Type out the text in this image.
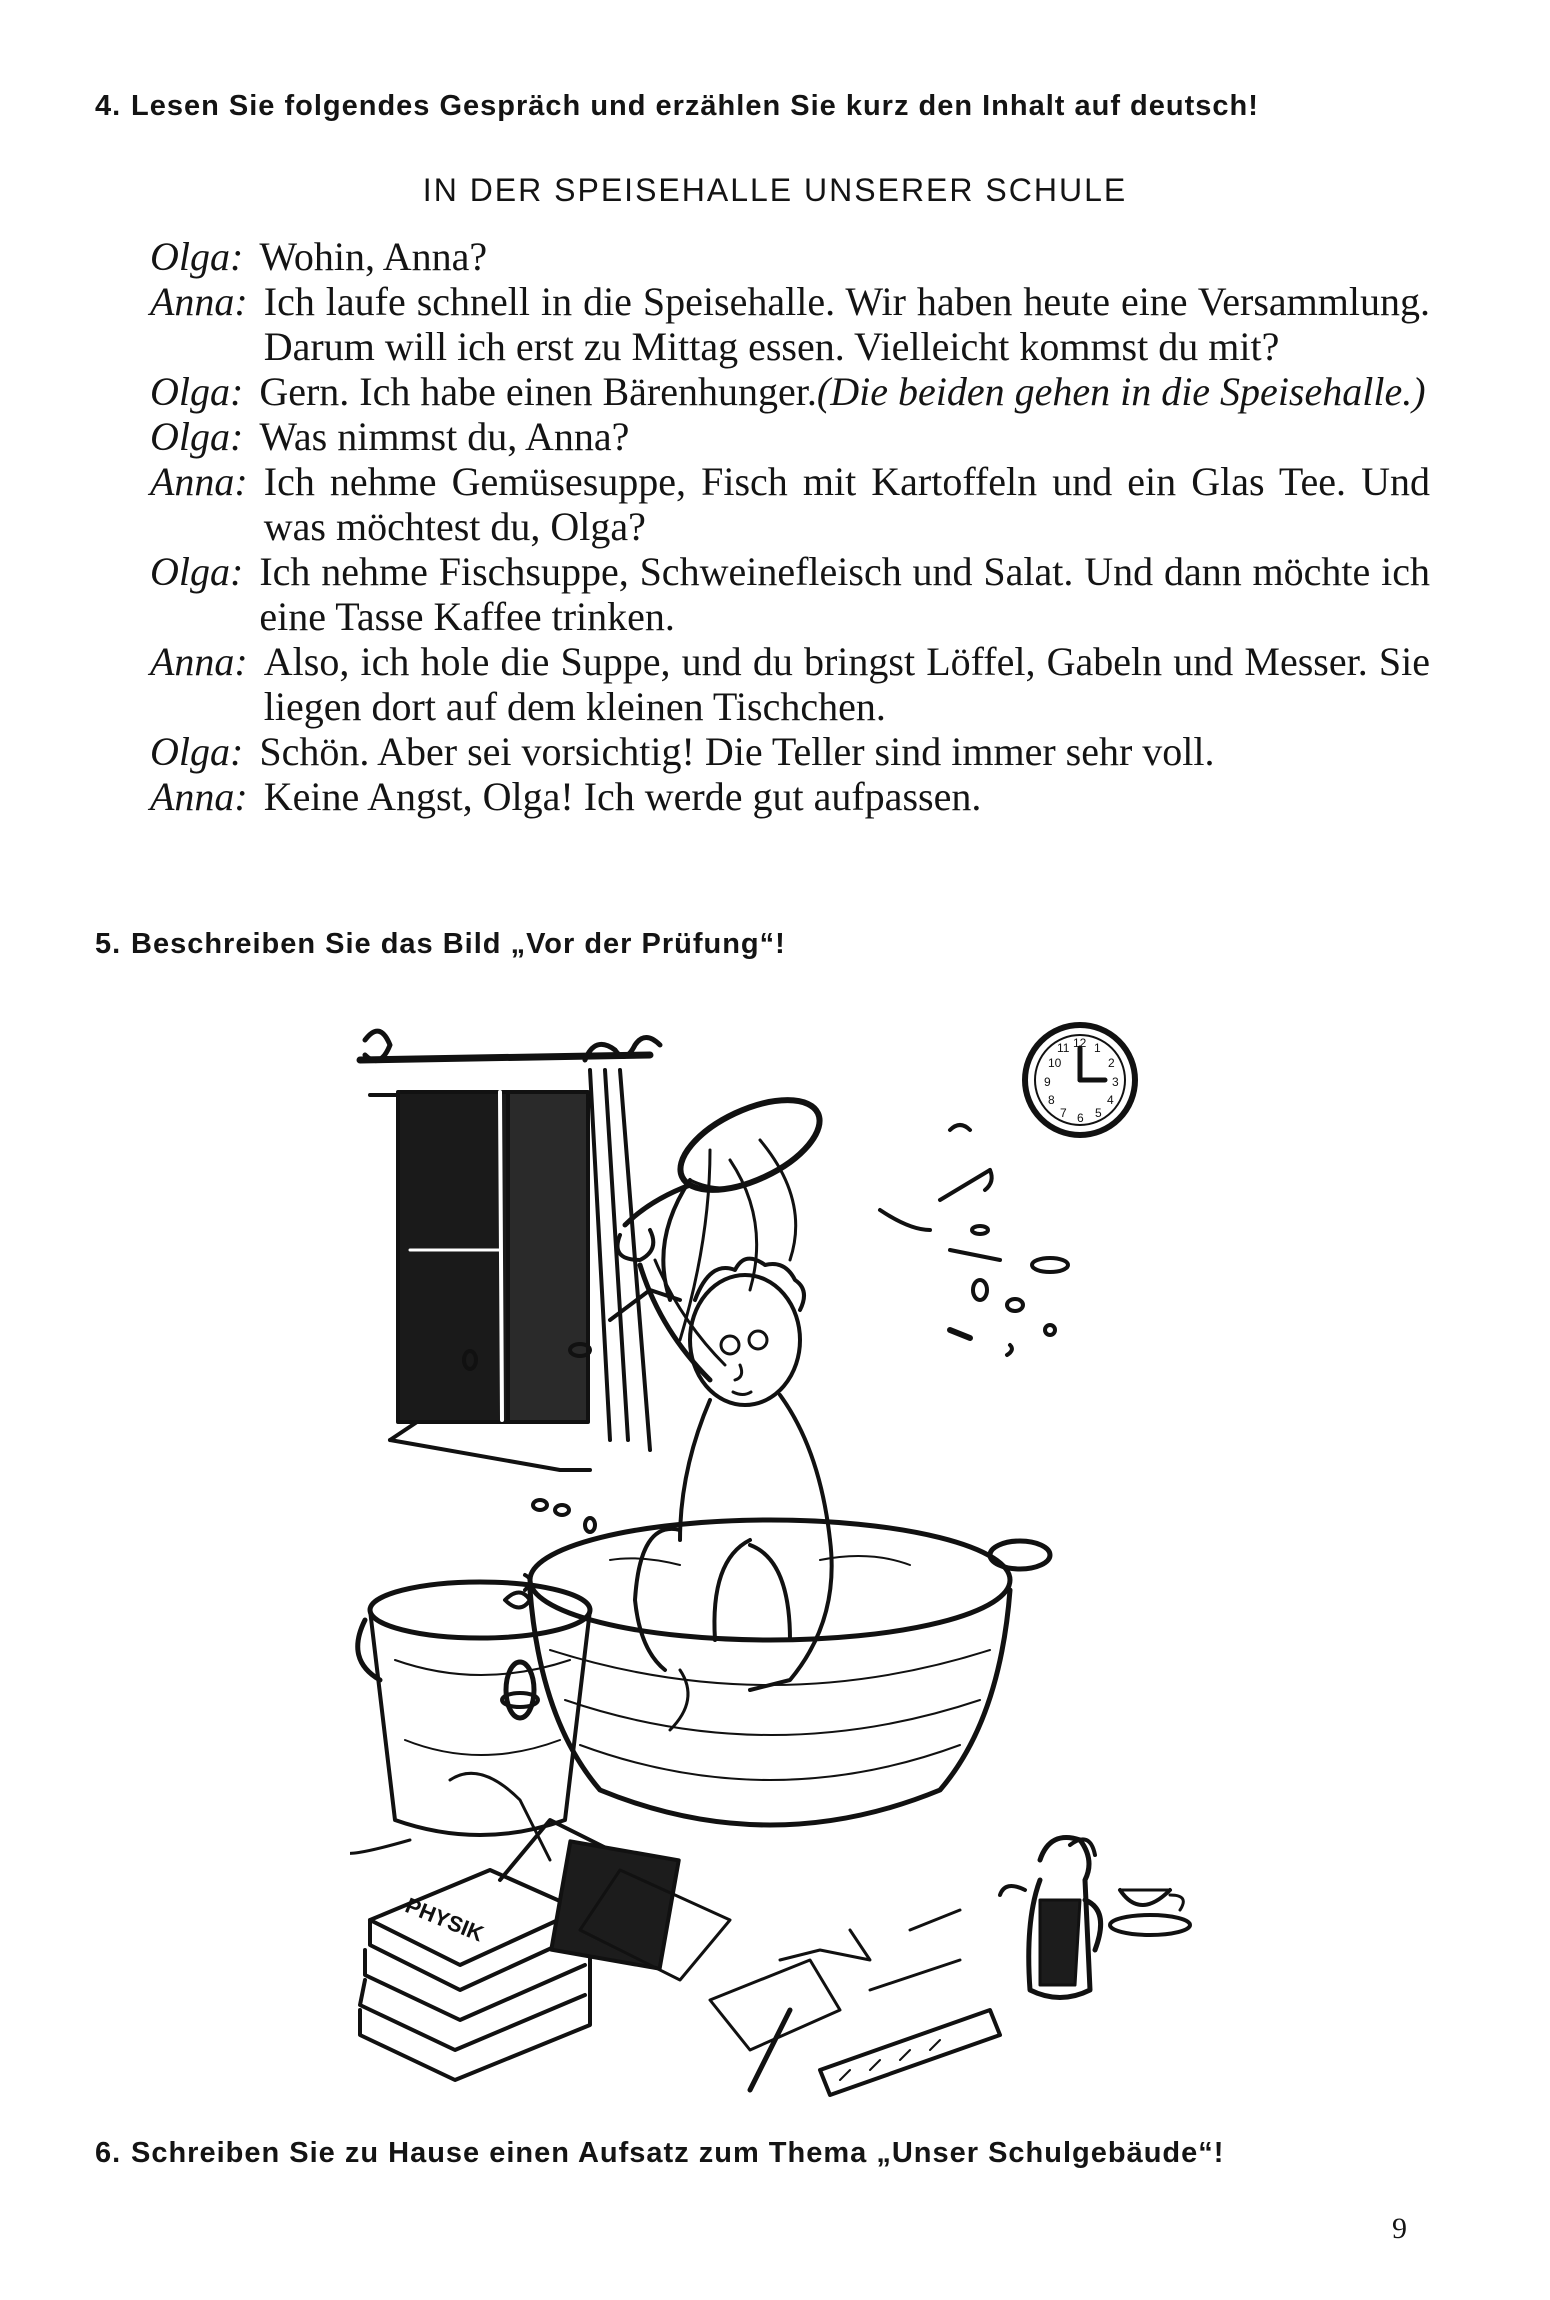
4. Lesen Sie folgendes Gespräch und erzählen Sie kurz den Inhalt auf deutsch!
IN DER SPEISEHALLE UNSERER SCHULE
Olga: Wohin, Anna?
Anna: Ich laufe schnell in die Speisehalle. Wir haben heute eine Versammlung. Darum will ich erst zu Mittag essen. Vielleicht kommst du mit?
Olga: Gern. Ich habe einen Bärenhunger.(Die beiden gehen in die Speisehalle.)
Olga: Was nimmst du, Anna?
Anna: Ich nehme Gemüsesuppe, Fisch mit Kartoffeln und ein Glas Tee. Und was möchtest du, Olga?
Olga: Ich nehme Fischsuppe, Schweinefleisch und Salat. Und dann möchte ich eine Tasse Kaffee trinken.
Anna: Also, ich hole die Suppe, und du bringst Löffel, Gabeln und Messer. Sie liegen dort auf dem kleinen Tischchen.
Olga: Schön. Aber sei vorsichtig! Die Teller sind immer sehr voll.
Anna: Keine Angst, Olga! Ich werde gut aufpassen.
5. Beschreiben Sie das Bild „Vor der Prüfung“!
12 1
2
3
4
5
6
7
8
9
10
11
PHYSIK
6. Schreiben Sie zu Hause einen Aufsatz zum Thema „Unser Schulgebäude“!
9
